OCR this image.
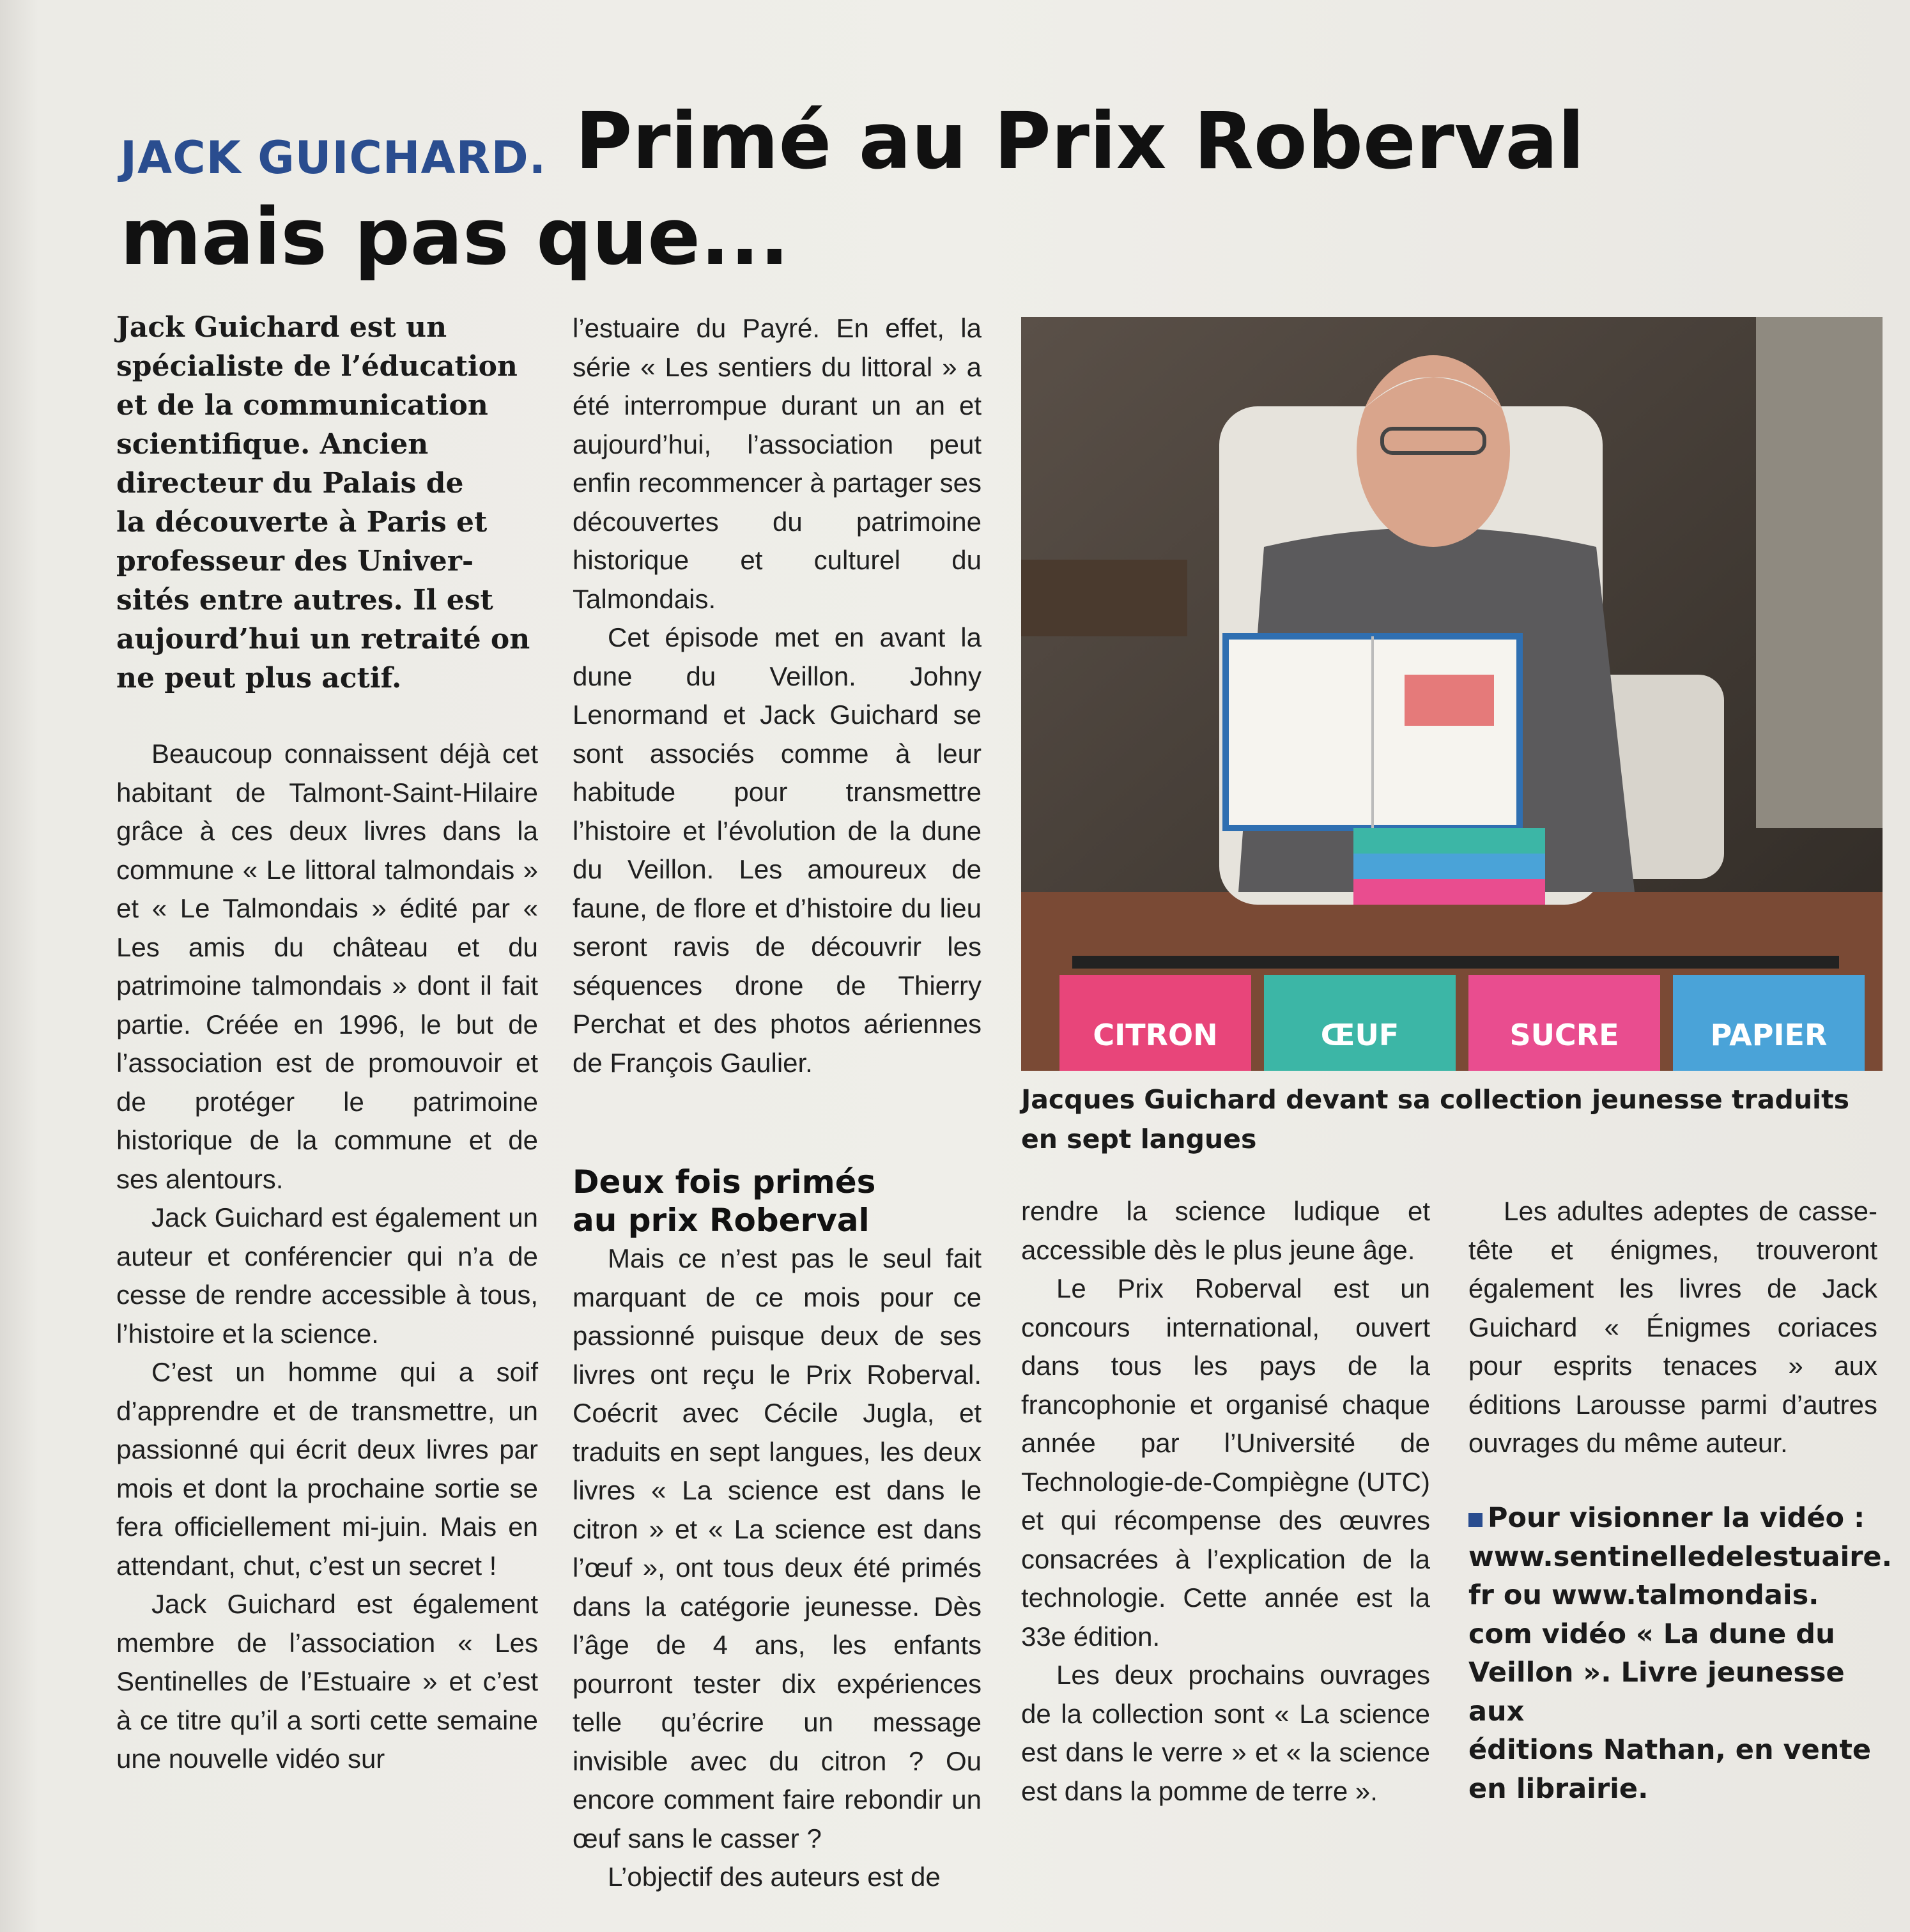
JACK GUICHARD. Primé au Prix Roberval
mais pas que...

Jack Guichard est un

spécialiste de l’éducation

et de la communication

scientifique. Ancien

directeur du Palais de

la découverte à Paris et

professeur des Univer-

sités entre autres. Il est

aujourd’hui un retraité on

ne peut plus actif.

Beaucoup connaissent déjà cet habitant de Talmont-Saint-Hilaire grâce à ces deux livres dans la commune « Le littoral talmondais » et « Le Talmondais » édité par « Les amis du château et du patrimoine talmondais » dont il fait partie. Créée en 1996, le but de l’association est de promouvoir et de protéger le patrimoine historique de la commune et de ses alentours.

Jack Guichard est également un auteur et conférencier qui n’a de cesse de rendre accessible à tous, l’histoire et la science.

C’est un homme qui a soif d’apprendre et de transmettre, un passionné qui écrit deux livres par mois et dont la prochaine sortie se fera officiellement mi-juin. Mais en attendant, chut, c’est un secret !

Jack Guichard est également membre de l’association « Les Sentinelles de l’Estuaire » et c’est à ce titre qu’il a sorti cette semaine une nouvelle vidéo sur

l’estuaire du Payré. En effet, la série « Les sentiers du littoral » a été interrompue durant un an et aujourd’hui, l’association peut enfin recommencer à partager ses découvertes du patrimoine historique et culturel du Talmondais.

Cet épisode met en avant la dune du Veillon. Johny Lenormand et Jack Guichard se sont associés comme à leur habitude pour transmettre l’histoire et l’évolution de la dune du Veillon. Les amoureux de faune, de flore et d’histoire du lieu seront ravis de découvrir les séquences drone de Thierry Perchat et des photos aériennes de François Gaulier.

Deux fois primés
au prix Roberval

Mais ce n’est pas le seul fait marquant de ce mois pour ce passionné puisque deux de ses livres ont reçu le Prix Roberval. Coécrit avec Cécile Jugla, et traduits en sept langues, les deux livres « La science est dans le citron » et « La science est dans l’œuf », ont tous deux été primés dans la catégorie jeunesse. Dès l’âge de 4 ans, les enfants pourront tester dix expériences telle qu’écrire un message invisible avec du citron ? Ou encore comment faire rebondir un œuf sans le casser ?

L’objectif des auteurs est de

CITRON	ŒUF	SUCRE	PAPIER
Jacques Guichard devant sa collection jeunesse traduits en sept langues

rendre la science ludique et accessible dès le plus jeune âge.

Le Prix Roberval est un concours international, ouvert dans tous les pays de la francophonie et organisé chaque année par l’Université de Technologie-de-Compiègne (UTC) et qui récompense des œuvres consacrées à l’explication de la technologie. Cette année est la 33e édition.

Les deux prochains ouvrages de la collection sont « La science est dans le verre » et « la science est dans la pomme de terre ».

Les adultes adeptes de casse-tête et énigmes, trouveront également les livres de Jack Guichard « Énigmes coriaces pour esprits tenaces » aux éditions Larousse parmi d’autres ouvrages du même auteur.

Pour visionner la vidéo :

www.sentinelledelestuaire.

fr ou www.talmondais.

com vidéo « La dune du

Veillon ». Livre jeunesse aux

éditions Nathan, en vente

en librairie.
